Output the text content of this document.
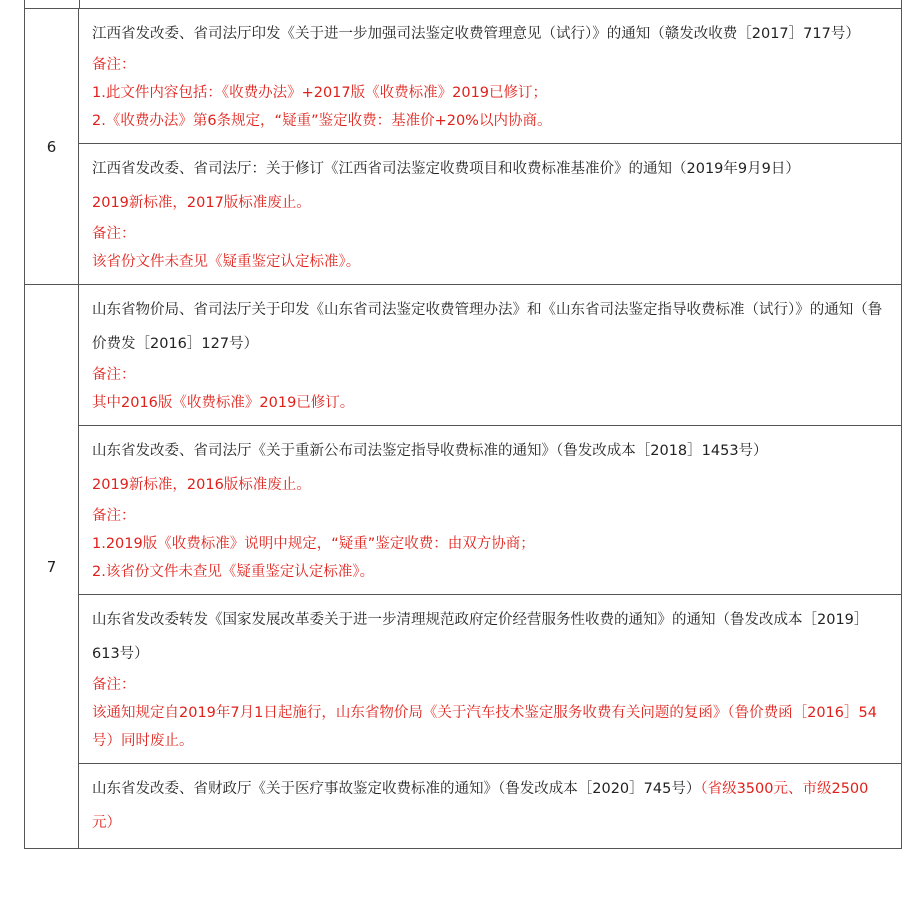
6	江西省发改委、省司法厅印发《关于进一步加强司法鉴定收费管理意见（试行）》的通知（赣发改收费［2017］717号）

备注：

1.此文件内容包括：《收费办法》+2017版《收费标准》2019已修订；

2.《收费办法》第6条规定，“疑重”鉴定收费：基准价+20%以内协商。

	江西省发改委、省司法厅：关于修订《江西省司法鉴定收费项目和收费标准基准价》的通知（2019年9月9日）

2019新标准，2017版标准废止。

备注：

该省份文件未查见《疑重鉴定认定标准》。

7	山东省物价局、省司法厅关于印发《山东省司法鉴定收费管理办法》和《山东省司法鉴定指导收费标准（试行）》的通知（鲁价费发［2016］127号）

备注：

其中2016版《收费标准》2019已修订。

	山东省发改委、省司法厅《关于重新公布司法鉴定指导收费标准的通知》（鲁发改成本［2018］1453号）

2019新标准，2016版标准废止。

备注：

1.2019版《收费标准》说明中规定，“疑重”鉴定收费：由双方协商；

2.该省份文件未查见《疑重鉴定认定标准》。

	山东省发改委转发《国家发展改革委关于进一步清理规范政府定价经营服务性收费的通知》的通知（鲁发改成本［2019］613号）

备注：

该通知规定自2019年7月1日起施行，山东省物价局《关于汽车技术鉴定服务收费有关问题的复函》（鲁价费函［2016］54号）同时废止。

	山东省发改委、省财政厅《关于医疗事故鉴定收费标准的通知》（鲁发改成本［2020］745号）（省级3500元、市级2500元）
